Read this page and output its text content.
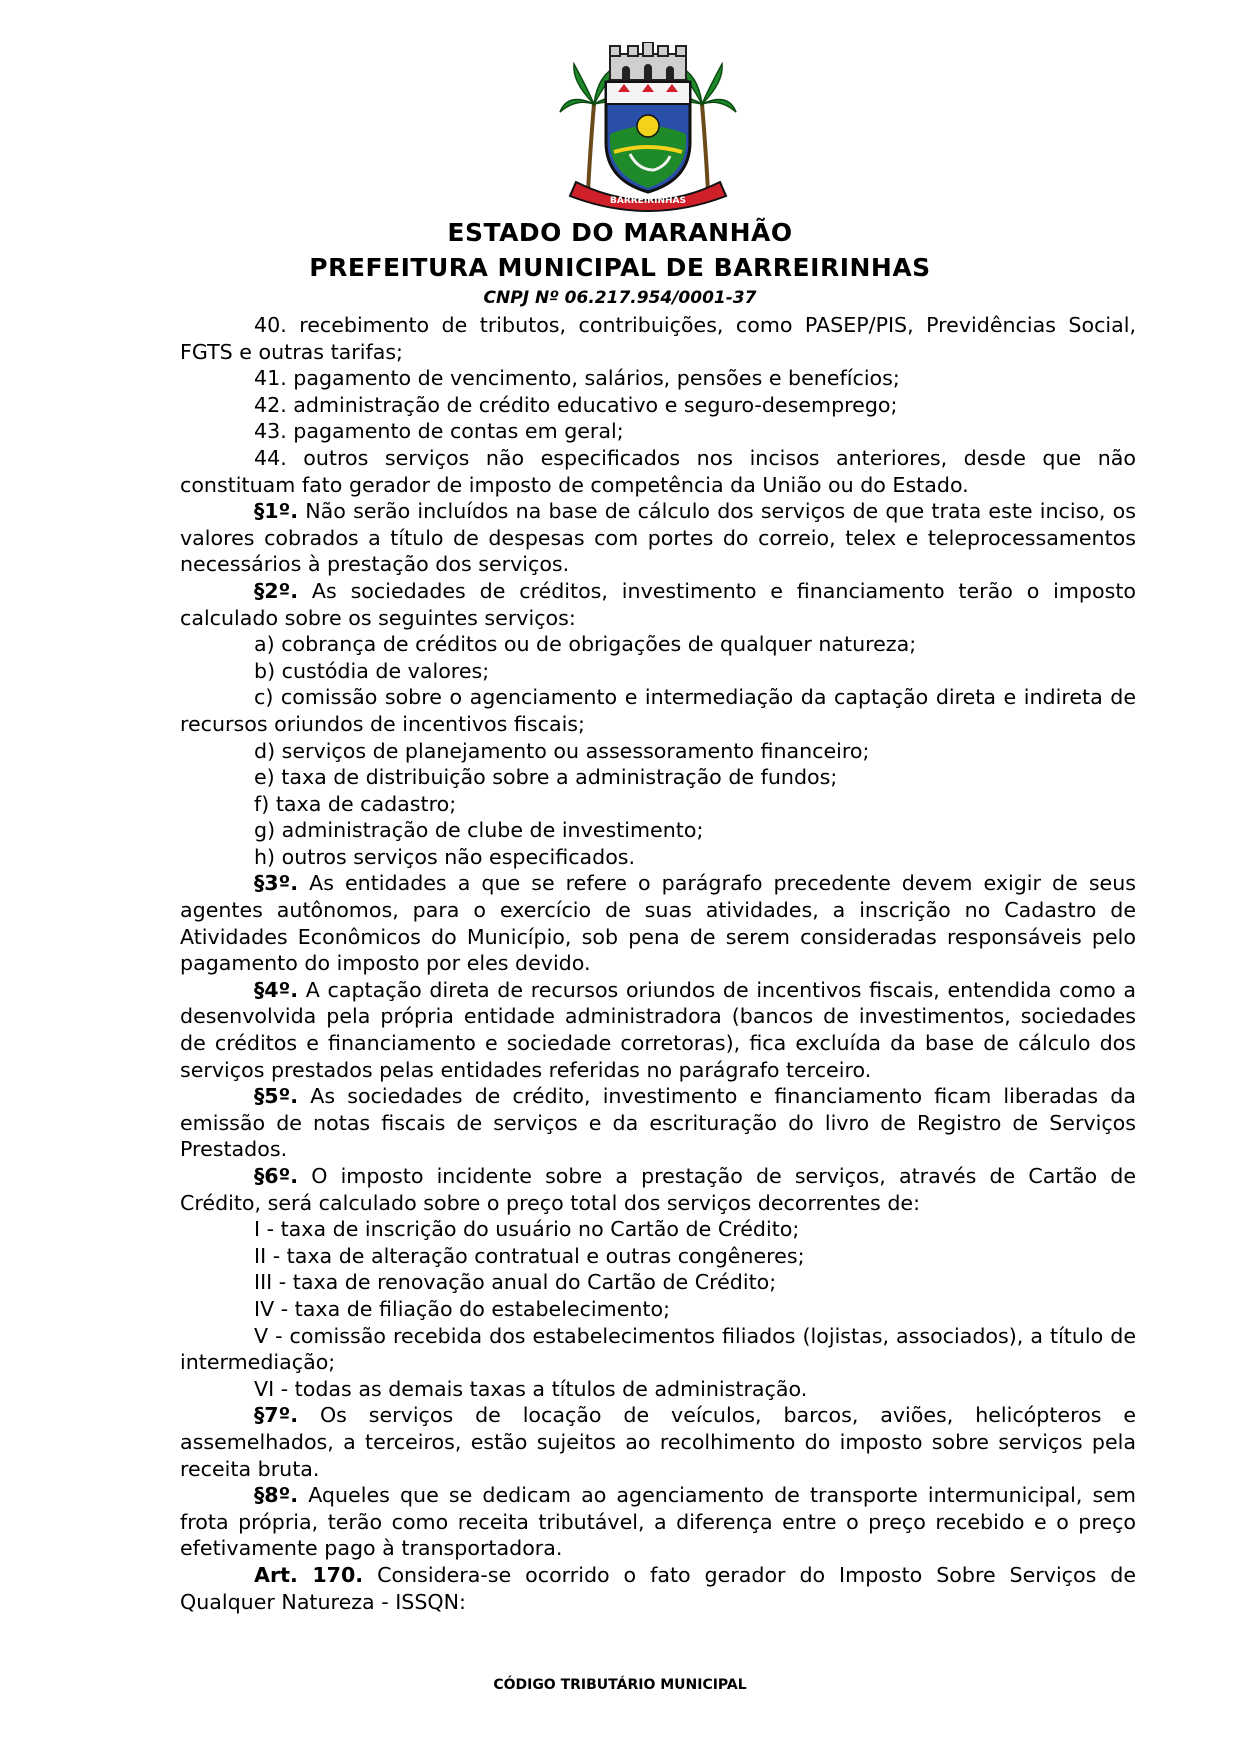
BARREIRINHAS
ESTADO DO MARANHÃO
PREFEITURA MUNICIPAL DE BARREIRINHAS
CNPJ Nº 06.217.954/0001-37

40. recebimento de tributos, contribuições, como PASEP/PIS, Previdências Social, FGTS e outras tarifas;

41. pagamento de vencimento, salários, pensões e benefícios;

42. administração de crédito educativo e seguro-desemprego;

43. pagamento de contas em geral;

44. outros serviços não especificados nos incisos anteriores, desde que não constituam fato gerador de imposto de competência da União ou do Estado.

§1º. Não serão incluídos na base de cálculo dos serviços de que trata este inciso, os valores cobrados a título de despesas com portes do correio, telex e teleprocessamentos necessários à prestação dos serviços.

§2º. As sociedades de créditos, investimento e financiamento terão o imposto calculado sobre os seguintes serviços:

a) cobrança de créditos ou de obrigações de qualquer natureza;

b) custódia de valores;

c) comissão sobre o agenciamento e intermediação da captação direta e indireta de recursos oriundos de incentivos fiscais;

d) serviços de planejamento ou assessoramento financeiro;

e) taxa de distribuição sobre a administração de fundos;

f) taxa de cadastro;

g) administração de clube de investimento;

h) outros serviços não especificados.

§3º. As entidades a que se refere o parágrafo precedente devem exigir de seus agentes autônomos, para o exercício de suas atividades, a inscrição no Cadastro de Atividades Econômicos do Município, sob pena de serem consideradas responsáveis pelo pagamento do imposto por eles devido.

§4º. A captação direta de recursos oriundos de incentivos fiscais, entendida como a desenvolvida pela própria entidade administradora (bancos de investimentos, sociedades de créditos e financiamento e sociedade corretoras), fica excluída da base de cálculo dos serviços prestados pelas entidades referidas no parágrafo terceiro.

§5º. As sociedades de crédito, investimento e financiamento ficam liberadas da emissão de notas fiscais de serviços e da escrituração do livro de Registro de Serviços Prestados.

§6º. O imposto incidente sobre a prestação de serviços, através de Cartão de Crédito, será calculado sobre o preço total dos serviços decorrentes de:

I - taxa de inscrição do usuário no Cartão de Crédito;

II - taxa de alteração contratual e outras congêneres;

III - taxa de renovação anual do Cartão de Crédito;

IV - taxa de filiação do estabelecimento;

V - comissão recebida dos estabelecimentos filiados (lojistas, associados), a título de intermediação;

VI - todas as demais taxas a títulos de administração.

§7º. Os serviços de locação de veículos, barcos, aviões, helicópteros e assemelhados, a terceiros, estão sujeitos ao recolhimento do imposto sobre serviços pela receita bruta.

§8º. Aqueles que se dedicam ao agenciamento de transporte intermunicipal, sem frota própria, terão como receita tributável, a diferença entre o preço recebido e o preço efetivamente pago à transportadora.

Art. 170. Considera-se ocorrido o fato gerador do Imposto Sobre Serviços de Qualquer Natureza - ISSQN:

CÓDIGO TRIBUTÁRIO MUNICIPAL
